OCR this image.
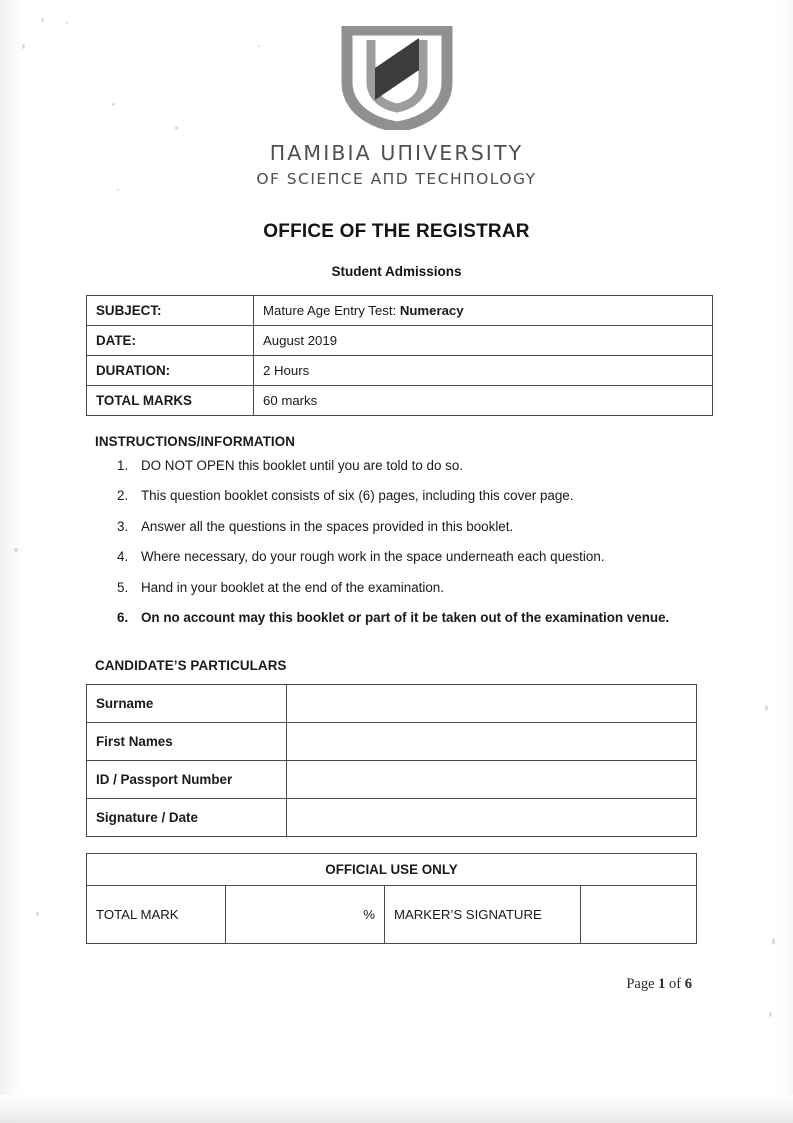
ΠAMIBIA UΠIVERSITY
OF SCIEΠCE AΠD TECHΠOLOGY
OFFICE OF THE REGISTRAR
Student Admissions
SUBJECT:	Mature Age Entry Test: Numeracy
DATE:	August 2019
DURATION:	2 Hours
TOTAL MARKS	60 marks
INSTRUCTIONS/INFORMATION
1. DO NOT OPEN this booklet until you are told to do so.
2. This question booklet consists of six (6) pages, including this cover page.
3. Answer all the questions in the spaces provided in this booklet.
4. Where necessary, do your rough work in the space underneath each question.
5. Hand in your booklet at the end of the examination.
6. On no account may this booklet or part of it be taken out of the examination venue.
CANDIDATE’S PARTICULARS
Surname	
First Names	
ID / Passport Number	
Signature / Date	
OFFICIAL USE ONLY
TOTAL MARK	%	MARKER’S SIGNATURE	
Page 1 of 6
